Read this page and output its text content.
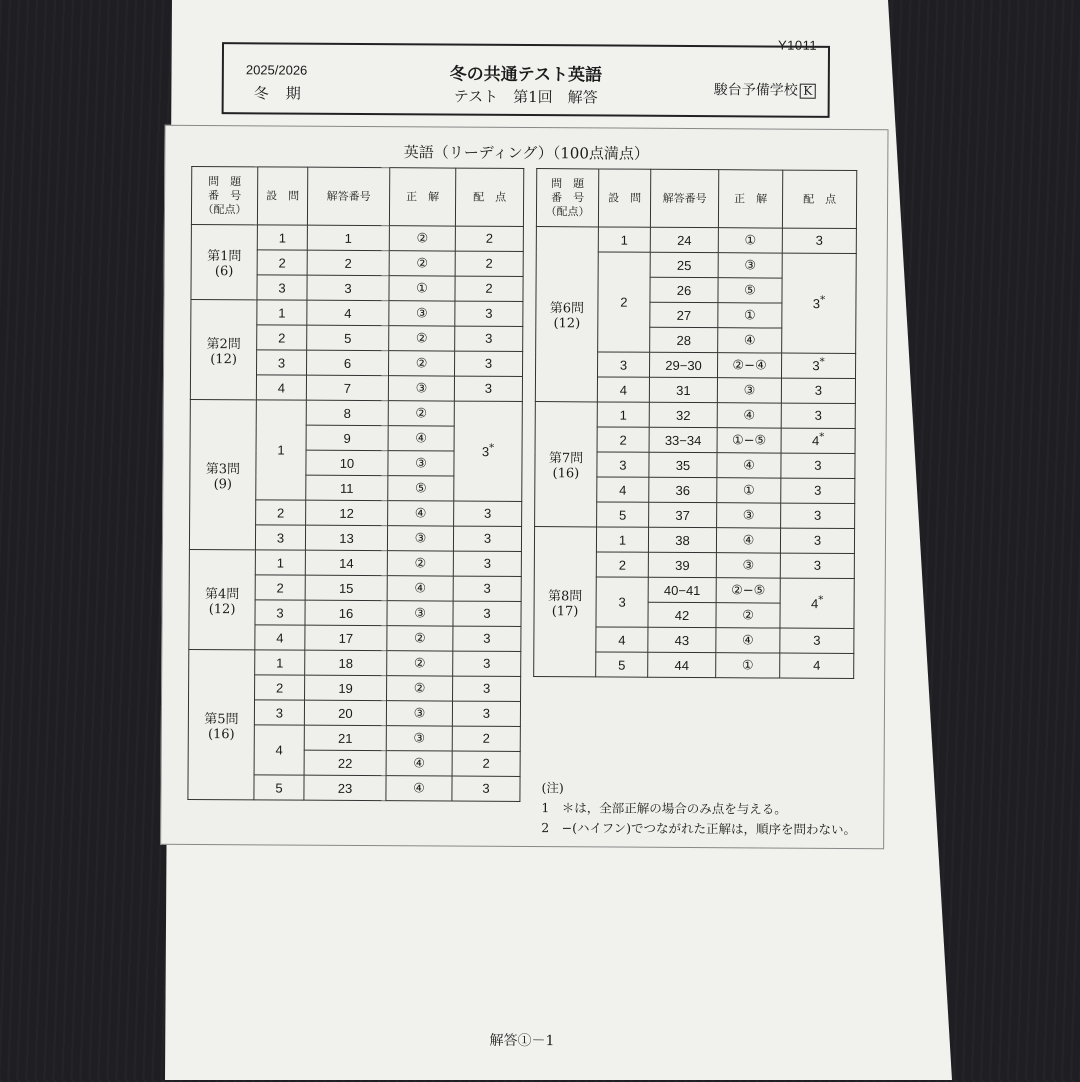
Y1011
2025/2026
冬　期
冬の共通テスト英語
テスト　第1回　解答	駿台予備学校 K
英語（リーディング）（100点満点）
問　題
番　号
（配点）	設　問	解答番号	正　解	配　点

第1問
(6)	1	1	②	2
	2	2	②	2
	3	3	①	2

第2問
(12)	1	4	③	3
	2	5	②	3
	3	6	②	3
	4	7	③	3

第3問
(9)	1	8	②	3*
		9	④	
		10	③	
		11	⑤	
	2	12	④	3
	3	13	③	3

第4問
(12)	1	14	②	3
	2	15	④	3
	3	16	③	3
	4	17	②	3

第5問
(16)	1	18	②	3
	2	19	②	3
	3	20	③	3
	4	21	③	2
		22	④	2
	5	23	④	3
問　題
番　号
（配点）	設　問	解答番号	正　解	配　点

第6問
(12)	1	24	①	3
	2	25	③	3*
		26	⑤	
		27	①	
		28	④	
	3	29−30	②−④	3*
	4	31	③	3

第7問
(16)	1	32	④	3
	2	33−34	①−⑤	4*
	3	35	④	3
	4	36	①	3
	5	37	③	3

第8問
(17)	1	38	④	3
	2	39	③	3
	3	40−41	②−⑤	4*
		42	②	
	4	43	④	3
	5	44	①	4
(注)
1　＊は，全部正解の場合のみ点を与える。
2　−(ハイフン)でつながれた正解は，順序を問わない。
解答①－1
